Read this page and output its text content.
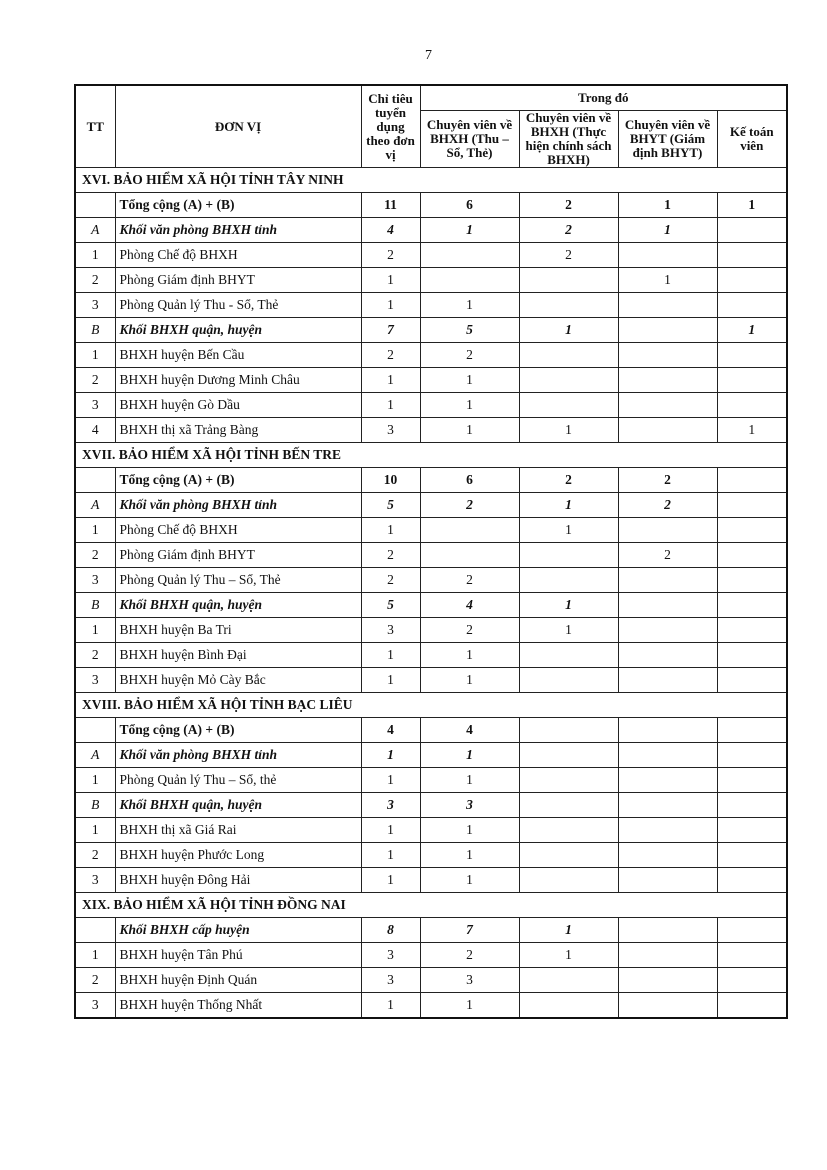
7
TT	ĐƠN VỊ	Chỉ tiêu tuyển dụng theo đơn vị	Trong đó			
			Chuyên viên về BHXH (Thu – Sổ, Thẻ)	Chuyên viên về BHXH (Thực hiện chính sách BHXH)	Chuyên viên về BHYT (Giám định BHYT)	Kế toán viên
XVI. BẢO HIỂM XÃ HỘI TỈNH TÂY NINH						
	Tổng cộng (A) + (B)	11	6	2	1	1
A	Khối văn phòng BHXH tỉnh	4	1	2	1	
1	Phòng Chế độ BHXH	2		2		
2	Phòng Giám định BHYT	1			1	
3	Phòng Quản lý Thu - Sổ, Thẻ	1	1			
B	Khối BHXH quận, huyện	7	5	1		1
1	BHXH huyện Bến Cầu	2	2			
2	BHXH huyện Dương Minh Châu	1	1			
3	BHXH huyện Gò Dầu	1	1			
4	BHXH thị xã Trảng Bàng	3	1	1		1
XVII. BẢO HIỂM XÃ HỘI TỈNH BẾN TRE						
	Tổng cộng (A) + (B)	10	6	2	2	
A	Khối văn phòng BHXH tỉnh	5	2	1	2	
1	Phòng Chế độ BHXH	1		1		
2	Phòng Giám định BHYT	2			2	
3	Phòng Quản lý Thu – Sổ, Thẻ	2	2			
B	Khối BHXH quận, huyện	5	4	1		
1	BHXH huyện Ba Tri	3	2	1		
2	BHXH huyện Bình Đại	1	1			
3	BHXH huyện Mỏ Cày Bắc	1	1			
XVIII. BẢO HIỂM XÃ HỘI TỈNH BẠC LIÊU						
	Tổng cộng (A) + (B)	4	4			
A	Khối văn phòng BHXH tỉnh	1	1			
1	Phòng Quản lý Thu – Sổ, thẻ	1	1			
B	Khối BHXH quận, huyện	3	3			
1	BHXH thị xã Giá Rai	1	1			
2	BHXH huyện Phước Long	1	1			
3	BHXH huyện Đông Hải	1	1			
XIX. BẢO HIỂM XÃ HỘI TỈNH ĐỒNG NAI						
	Khối BHXH cấp huyện	8	7	1		
1	BHXH huyện Tân Phú	3	2	1		
2	BHXH huyện Định Quán	3	3			
3	BHXH huyện Thống Nhất	1	1			
